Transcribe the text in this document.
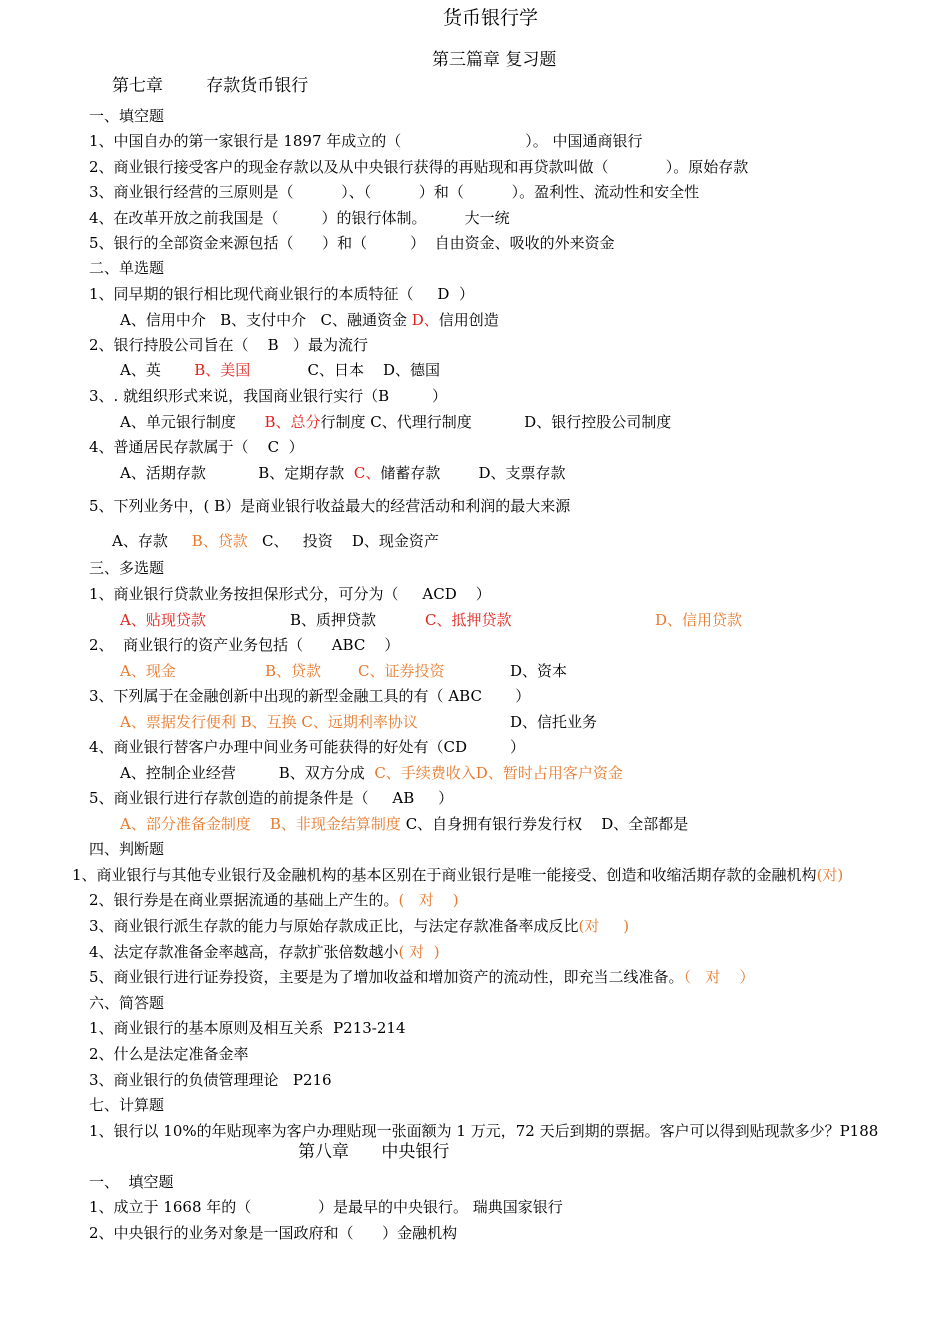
货币银行学
第三篇章 复习题
第七章        存款货币银行
一、填空题
1、中国自办的第一家银行是 1897 年成立的（                          ）。 中国通商银行
2、商业银行接受客户的现金存款以及从中央银行获得的再贴现和再贷款叫做（            ）。原始存款
3、商业银行经营的三原则是（          ）、（          ）和（          ）。盈利性、流动性和安全性
4、在改革开放之前我国是（         ）的银行体制。        大一统
5、银行的全部资金来源包括（      ）和（         ）  自由资金、吸收的外来资金
二、单选题
1、同早期的银行相比现代商业银行的本质特征（     D  ）
A、信用中介   B、支付中介   C、融通资金 D、信用创造
2、银行持股公司旨在（    B   ）最为流行
A、英       B、美国            C、日本    D、德国
3、. 就组织形式来说，我国商业银行实行（B         ）
A、单元银行制度      B、总分行制度 C、代理行制度           D、银行控股公司制度
4、普通居民存款属于（    C  ）
A、活期存款           B、定期存款  C、储蓄存款        D、支票存款
5、下列业务中，( B）是商业银行收益最大的经营活动和利润的最大来源
A、存款     B、贷款   C、   投资    D、现金资产
三、多选题
1、商业银行贷款业务按担保形式分，可分为（     ACD    ）
A、贴现贷款	B、质押贷款	C、抵押贷款	D、信用贷款
2、  商业银行的资产业务包括（      ABC    ）
A、现金	B、贷款 C、证券投资	D、资本
3、下列属于在金融创新中出现的新型金融工具的有（ ABC       ）
A、票据发行便利 B、互换 C、远期利率协议	D、信托业务
4、商业银行替客户办理中间业务可能获得的好处有（CD         ）
A、控制企业经营         B、双方分成  C、手续费收入D、暂时占用客户资金
5、商业银行进行存款创造的前提条件是（     AB     ）
A、部分准备金制度    B、非现金结算制度 C、自身拥有银行券发行权    D、全部都是
四、判断题
1、商业银行与其他专业银行及金融机构的基本区别在于商业银行是唯一能接受、创造和收缩活期存款的金融机构(对)
2、银行券是在商业票据流通的基础上产生的。(   对    )
3、商业银行派生存款的能力与原始存款成正比，与法定存款准备率成反比(对     )
4、法定存款准备金率越高，存款扩张倍数越小( 对  )
5、商业银行进行证券投资，主要是为了增加收益和增加资产的流动性，即充当二线准备。（   对    ）
六、简答题
1、商业银行的基本原则及相互关系  P213-214
2、什么是法定准备金率
3、商业银行的负债管理理论   P216
七、计算题
1、银行以 10%的年贴现率为客户办理贴现一张面额为 1 万元，72 天后到期的票据。客户可以得到贴现款多少？P188
第八章      中央银行
一、  填空题
1、成立于 1668 年的（              ）是最早的中央银行。 瑞典国家银行
2、中央银行的业务对象是一国政府和（      ）金融机构
